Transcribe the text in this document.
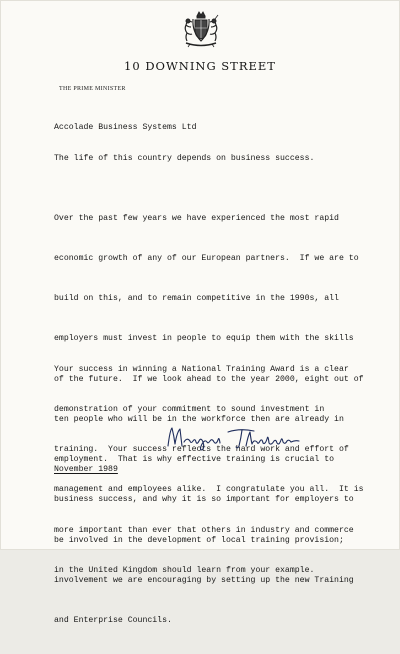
10 DOWNING STREET
THE PRIME MINISTER
Accolade Business Systems Ltd
The life of this country depends on business success.

Over the past few years we have experienced the most rapid

economic growth of any of our European partners.  If we are to

build on this, and to remain competitive in the 1990s, all

employers must invest in people to equip them with the skills

of the future.  If we look ahead to the year 2000, eight out of

ten people who will be in the workforce then are already in

employment.  That is why effective training is crucial to

business success, and why it is so important for employers to

be involved in the development of local training provision;

involvement we are encouraging by setting up the new Training

and Enterprise Councils.

Your success in winning a National Training Award is a clear

demonstration of your commitment to sound investment in

training.  Your success reflects the hard work and effort of

management and employees alike.  I congratulate you all.  It is

more important than ever that others in industry and commerce

in the United Kingdom should learn from your example.

November 1989
